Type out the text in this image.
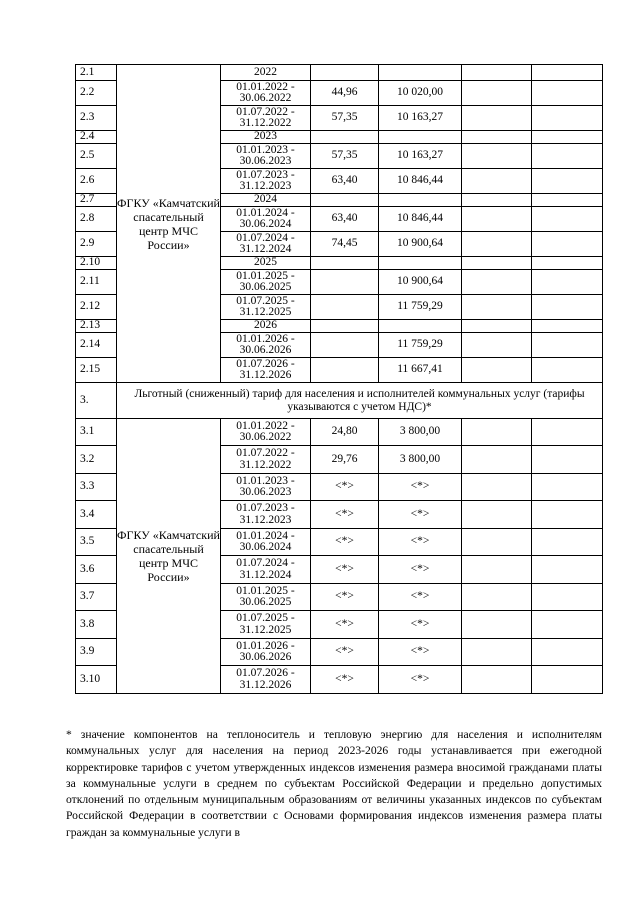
2.1	ФГКУ «Камчатский спасательный центр МЧС России»	2022				
2.2		01.01.2022 - 30.06.2022	44,96	10 020,00		
2.3		01.07.2022 - 31.12.2022	57,35	10 163,27		
2.4		2023				
2.5		01.01.2023 - 30.06.2023	57,35	10 163,27		
2.6		01.07.2023 - 31.12.2023	63,40	10 846,44		
2.7		2024				
2.8		01.01.2024 - 30.06.2024	63,40	10 846,44		
2.9		01.07.2024 - 31.12.2024	74,45	10 900,64		
2.10		2025				
2.11		01.01.2025 - 30.06.2025		10 900,64		
2.12		01.07.2025 - 31.12.2025		11 759,29		
2.13		2026				
2.14		01.01.2026 - 30.06.2026		11 759,29		
2.15		01.07.2026 - 31.12.2026		11 667,41		
3.	Льготный (сниженный) тариф для населения и исполнителей коммунальных услуг (тарифы указываются с учетом НДС)*					
3.1	ФГКУ «Камчатский спасательный центр МЧС России»	01.01.2022 - 30.06.2022	24,80	3 800,00		
3.2		01.07.2022 - 31.12.2022	29,76	3 800,00		
3.3		01.01.2023 - 30.06.2023	<*>	<*>		
3.4		01.07.2023 - 31.12.2023	<*>	<*>		
3.5		01.01.2024 - 30.06.2024	<*>	<*>		
3.6		01.07.2024 - 31.12.2024	<*>	<*>		
3.7		01.01.2025 - 30.06.2025	<*>	<*>		
3.8		01.07.2025 - 31.12.2025	<*>	<*>		
3.9		01.01.2026 - 30.06.2026	<*>	<*>		
3.10		01.07.2026 - 31.12.2026	<*>	<*>		
* значение компонентов на теплоноситель и тепловую энергию для населения и исполнителям коммунальных услуг для населения на период 2023-2026 годы устанавливается при ежегодной корректировке тарифов с учетом утвержденных индексов изменения размера вносимой гражданами платы за коммунальные услуги в среднем по субъектам Российской Федерации и предельно допустимых отклонений по отдельным муниципальным образованиям от величины указанных индексов по субъектам Российской Федерации в соответствии с Основами формирования индексов изменения размера платы граждан за коммунальные услуги в
